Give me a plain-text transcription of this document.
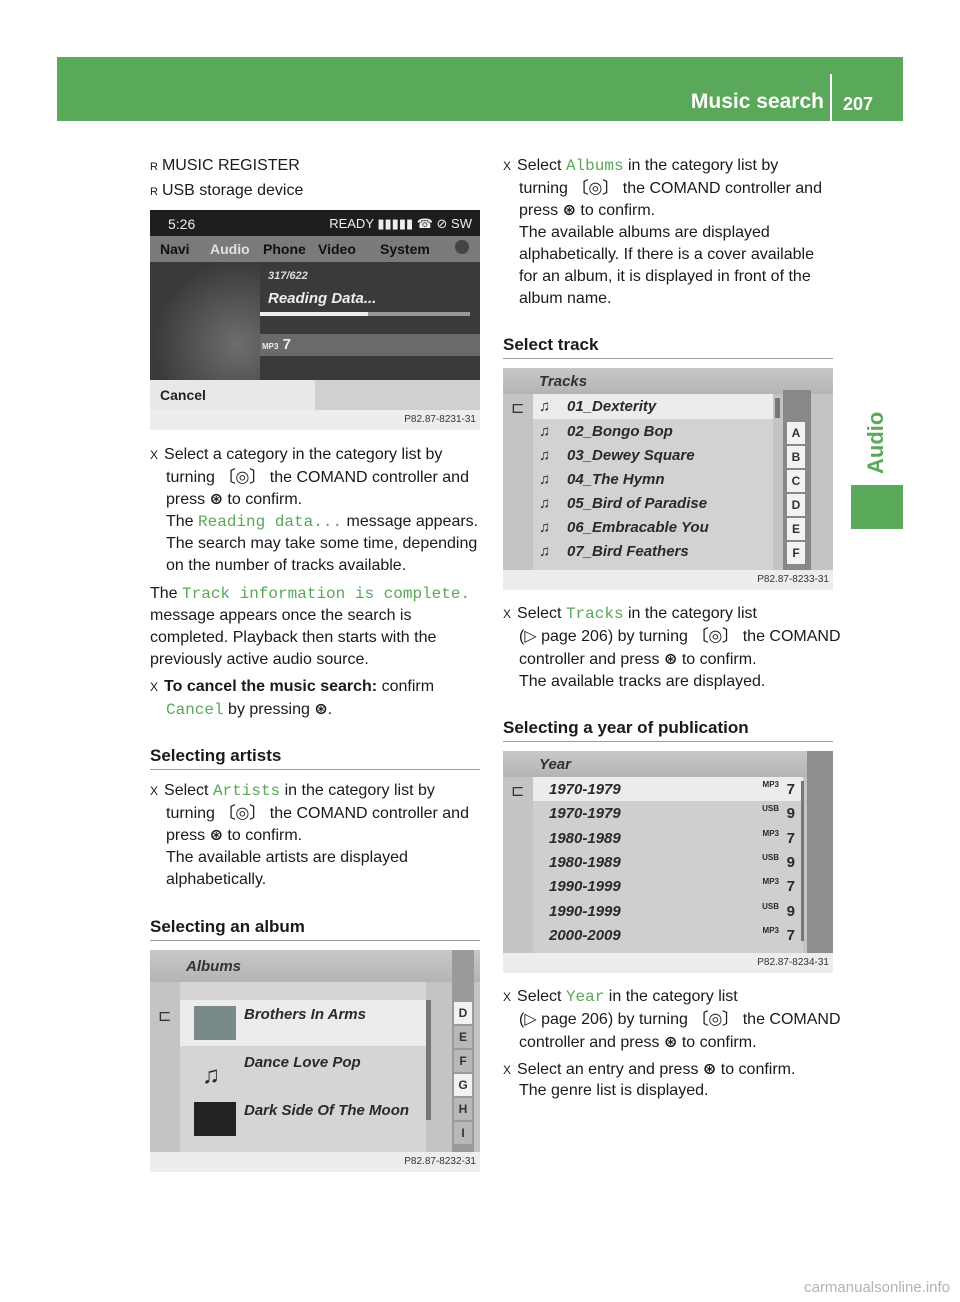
Music search 207
Audio
R MUSIC REGISTER
R USB storage device
5:26	READY ▮▮▮▮▮ ☎ ⊘ SW
Navi Audio Phone Video System
317/622
Reading Data...
MP3 7
Cancel
P82.87-8231-31
X Select a category in the category list by
turning 〔◎〕 the COMAND controller and
press ⊛ to confirm.
The Reading data... message appears.
The search may take some time, depending
on the number of tracks available.
The Track information is complete.
message appears once the search is
completed. Playback then starts with the
previously active audio source.
X To cancel the music search: confirm
Cancel by pressing ⊛.
Selecting artists
X Select Artists in the category list by
turning 〔◎〕 the COMAND controller and
press ⊛ to confirm.
The available artists are displayed
alphabetically.
Selecting an album
Albums
⊏	Brothers In Arms
♫ Dance Love Pop
Dark Side Of The Moon
D
E
F
G
H
I
P82.87-8232-31
X Select Albums in the category list by
turning 〔◎〕 the COMAND controller and
press ⊛ to confirm.
The available albums are displayed
alphabetically. If there is a cover available
for an album, it is displayed in front of the
album name.
Select track
Tracks
⊏ ♫ 01_Dexterity
♫ 02_Bongo Bop
♫ 03_Dewey Square
♫ 04_The Hymn
♫ 05_Bird of Paradise
♫ 06_Embracable You
♫ 07_Bird Feathers
A
B
C
D
E
F
P82.87-8233-31
X Select Tracks in the category list
(▷ page 206) by turning 〔◎〕 the COMAND
controller and press ⊛ to confirm.
The available tracks are displayed.
Selecting a year of publication
Year
⊏ 1970-1979	MP3 7
1970-1979	USB 9
1980-1989	MP3 7
1980-1989	USB 9
1990-1999	MP3 7
1990-1999	USB 9
2000-2009	MP3 7
P82.87-8234-31
X Select Year in the category list
(▷ page 206) by turning 〔◎〕 the COMAND
controller and press ⊛ to confirm.
X Select an entry and press ⊛ to confirm.
The genre list is displayed.
carmanualsonline.info
